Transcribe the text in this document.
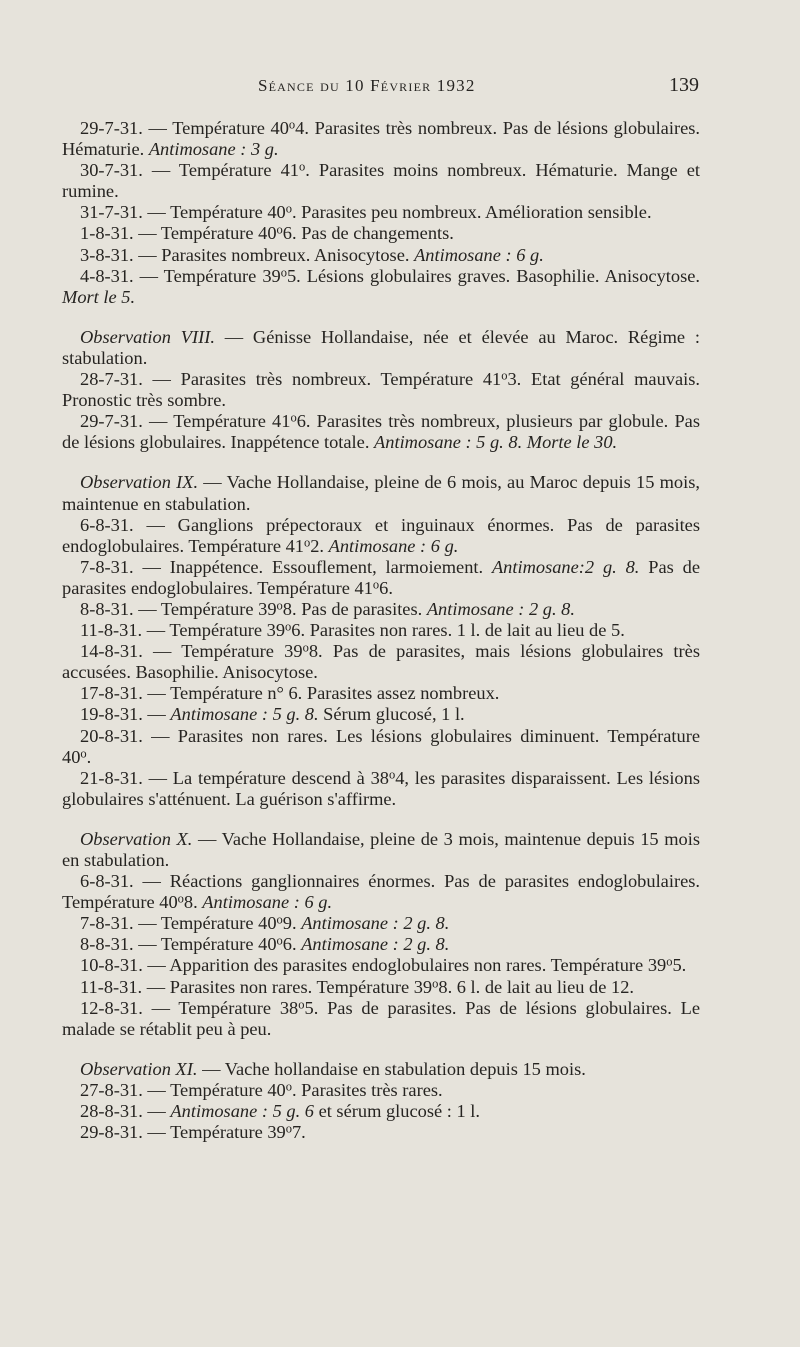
Séance du 10 Février 1932	139

29-7-31. — Température 40$^o$4. Parasites très nombreux. Pas de lésions globulaires. Hématurie. Antimosane : 3 g.

30-7-31. — Température 41$^o$. Parasites moins nombreux. Hématurie. Mange et rumine.

31-7-31. — Température 40$^o$. Parasites peu nombreux. Amélioration sensible.

1-8-31. — Température 40$^o$6. Pas de changements.

3-8-31. — Parasites nombreux. Anisocytose. Antimosane : 6 g.

4-8-31. — Température 39$^o$5. Lésions globulaires graves. Basophilie. Anisocytose. Mort le 5.

Observation VIII. — Génisse Hollandaise, née et élevée au Maroc. Régime : stabulation.

28-7-31. — Parasites très nombreux. Température 41$^o$3. Etat général mauvais. Pronostic très sombre.

29-7-31. — Température 41$^o$6. Parasites très nombreux, plusieurs par globule. Pas de lésions globulaires. Inappétence totale. Antimosane : 5 g. 8. Morte le 30.

Observation IX. — Vache Hollandaise, pleine de 6 mois, au Maroc depuis 15 mois, maintenue en stabulation.

6-8-31. — Ganglions prépectoraux et inguinaux énormes. Pas de parasites endoglobulaires. Température 41$^o$2. Antimosane : 6 g.

7-8-31. — Inappétence. Essouflement, larmoiement. Antimosane:2 g. 8. Pas de parasites endoglobulaires. Température 41$^o$6.

8-8-31. — Température 39$^o$8. Pas de parasites. Antimosane : 2 g. 8.

11-8-31. — Température 39$^o$6. Parasites non rares. 1 l. de lait au lieu de 5.

14-8-31. — Température 39$^o$8. Pas de parasites, mais lésions globulaires très accusées. Basophilie. Anisocytose.

17-8-31. — Température n° 6. Parasites assez nombreux.

19-8-31. — Antimosane : 5 g. 8. Sérum glucosé, 1 l.

20-8-31. — Parasites non rares. Les lésions globulaires diminuent. Température 40$^o$.

21-8-31. — La température descend à 38$^o$4, les parasites disparaissent. Les lésions globulaires s'atténuent. La guérison s'affirme.

Observation X. — Vache Hollandaise, pleine de 3 mois, maintenue depuis 15 mois en stabulation.

6-8-31. — Réactions ganglionnaires énormes. Pas de parasites endoglobulaires. Température 40$^o$8. Antimosane : 6 g.

7-8-31. — Température 40$^o$9. Antimosane : 2 g. 8.

8-8-31. — Température 40$^o$6. Antimosane : 2 g. 8.

10-8-31. — Apparition des parasites endoglobulaires non rares. Température 39$^o$5.

11-8-31. — Parasites non rares. Température 39$^o$8. 6 l. de lait au lieu de 12.

12-8-31. — Température 38$^o$5. Pas de parasites. Pas de lésions globulaires. Le malade se rétablit peu à peu.

Observation XI. — Vache hollandaise en stabulation depuis 15 mois.

27-8-31. — Température 40$^o$. Parasites très rares.

28-8-31. — Antimosane : 5 g. 6 et sérum glucosé : 1 l.

29-8-31. — Température 39$^o$7.
